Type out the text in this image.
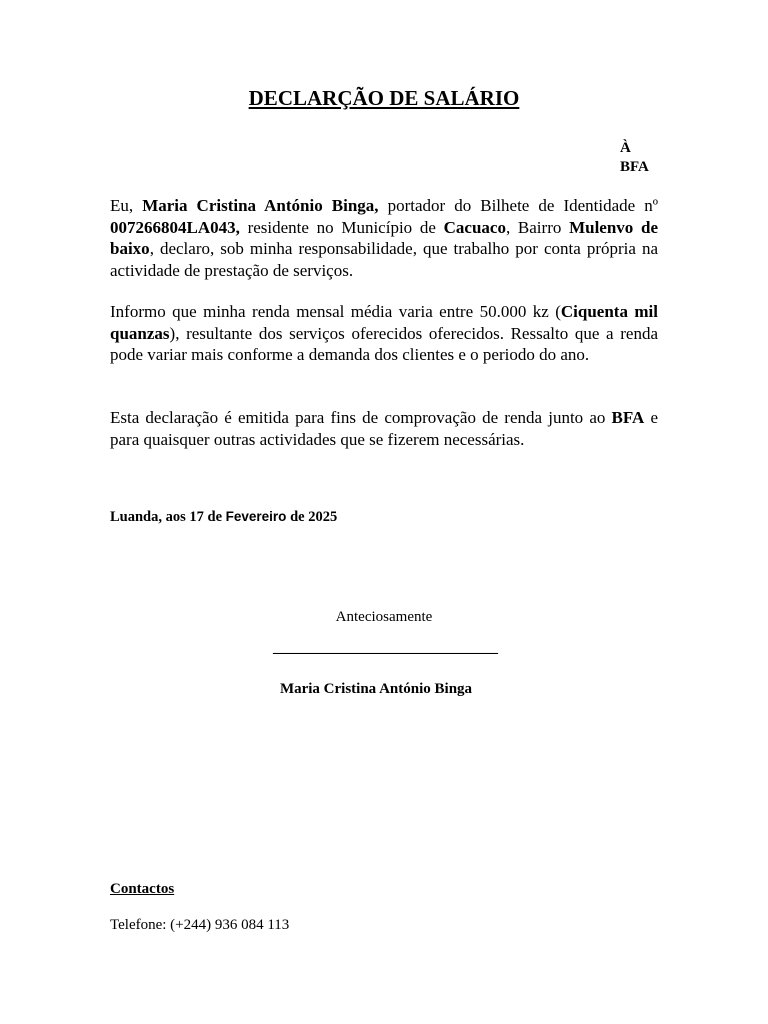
DECLARÇÃO DE SALÁRIO
À
BFA

Eu, Maria Cristina António Binga, portador do Bilhete de Identidade nº 007266804LA043, residente no Município de Cacuaco, Bairro Mulenvo de baixo, declaro, sob minha responsabilidade, que trabalho por conta própria na actividade de prestação de serviços.

Informo que minha renda mensal média varia entre 50.000 kz (Ciquenta mil quanzas), resultante dos serviços oferecidos oferecidos. Ressalto que a renda pode variar mais conforme a demanda dos clientes e o periodo do ano.

Esta declaração é emitida para fins de comprovação de renda junto ao BFA e para quaisquer outras actividades que se fizerem necessárias.

Luanda, aos 17 de Fevereiro de 2025
Anteciosamente
______________________________
Maria Cristina António Binga
Contactos
Telefone: (+244) 936 084 113
